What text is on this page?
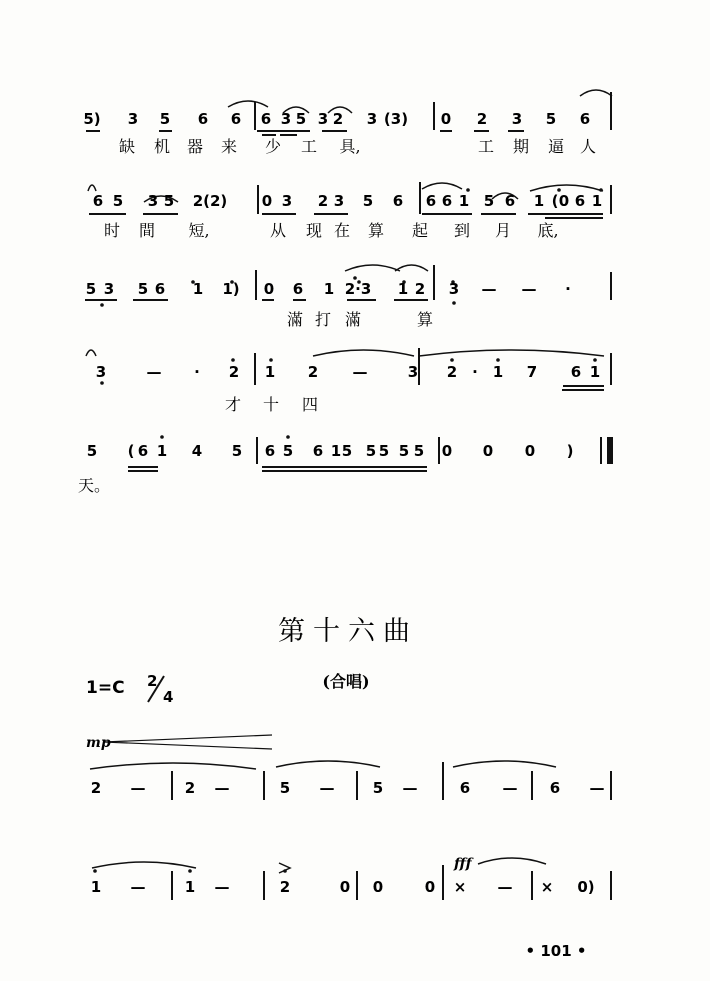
5) 3 5 6 6 6 3 5 3 2 3 (3) 0 2 3 5 6
6 5 3 5 2(2) 0 3 2 3 5 6 6 6 1 5 6 1 ( 0 6 1
5 3 5 6 1 1) 0 6 1 2·3 1 2 3 — — ·
3	— · 2 1 2 —	3 2 · 1 7 6 1
5 ( 6 1 4 5 6 5 6 1 5 5 5 5 5 0 0 0 )
2 —	2 —	5 —	5 —	6 — 6 —
1 —	1 —	2	0 0	0 × — × 0)
缺 机 器 来 少 工 具,	工 期 逼 人
时 間 短,	从 现 在 算 起 到 月 底,
滿 打 滿	算
才 十 四
天。
第十六曲
1=C 2
4
(合唱)
mp
fff
• 101 •
